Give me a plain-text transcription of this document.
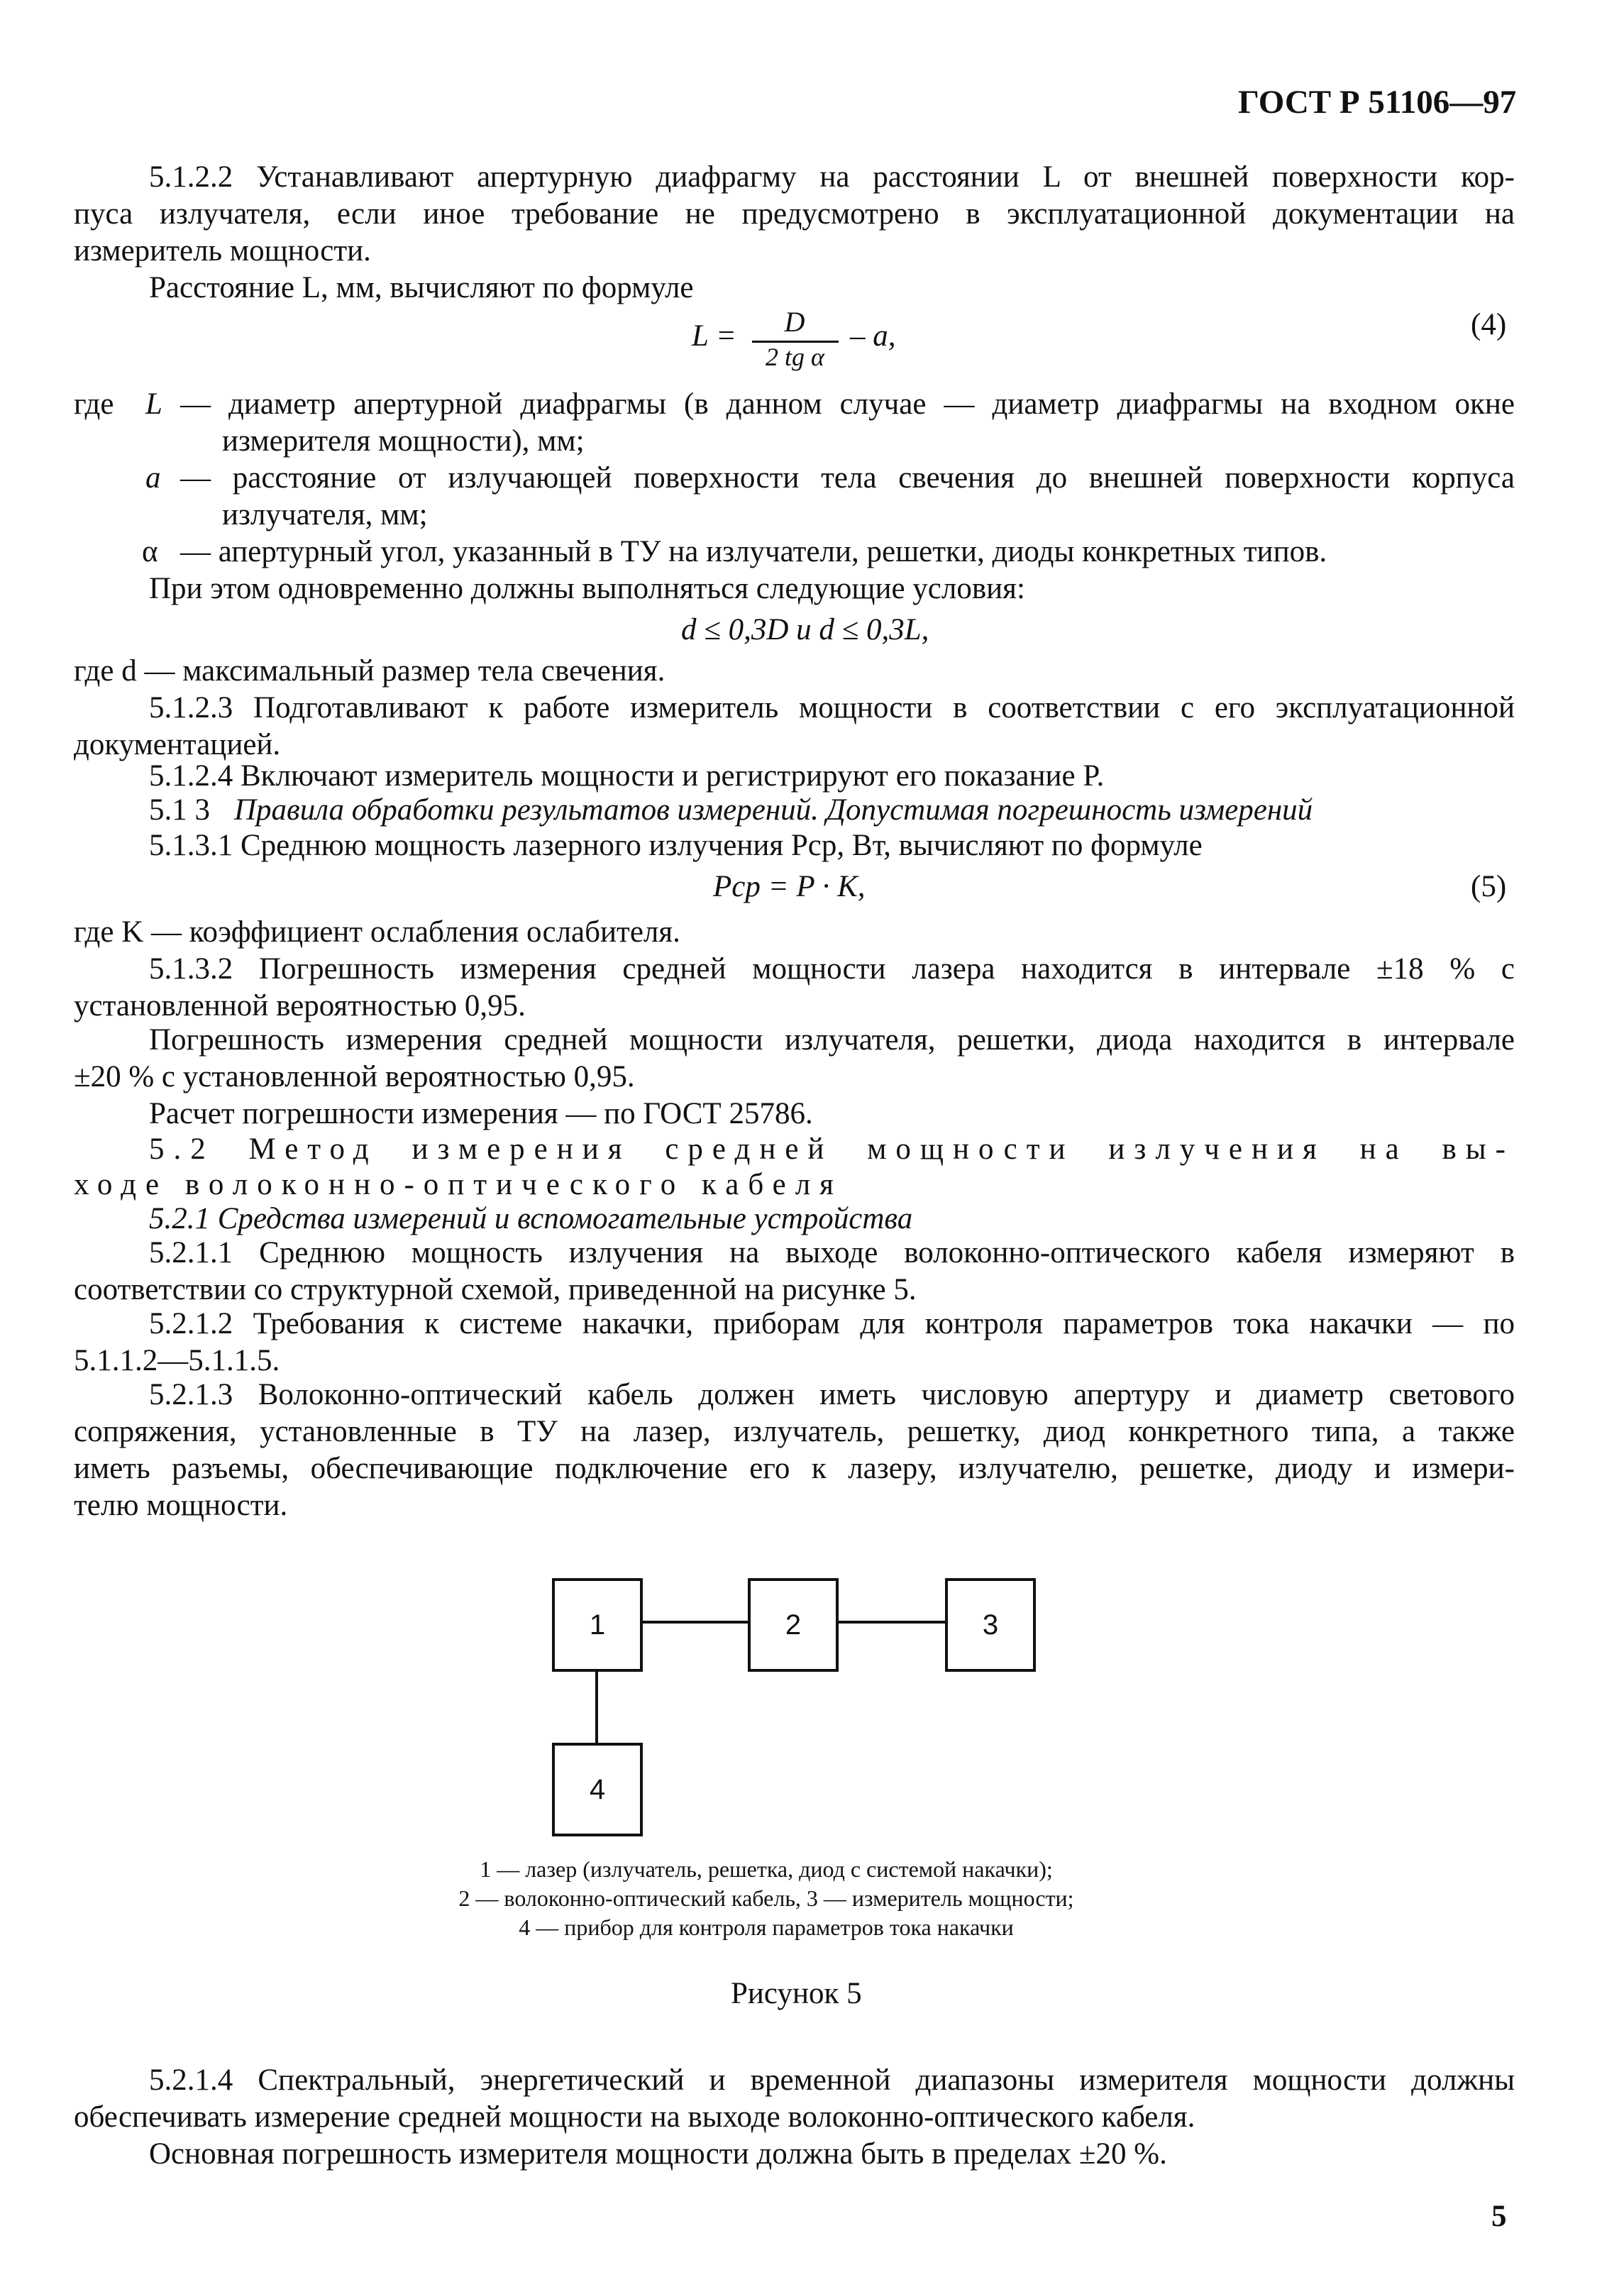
ГОСТ Р 51106—97
5.1.2.2 Устанавливают апертурную диафрагму на расстоянии L от внешней поверхности кор-
пуса излучателя, если иное требование не предусмотрено в эксплуатационной документации на
измеритель мощности.
Расстояние L, мм, вычисляют по формуле
L =	D
2 tg α
– a,	(4)
где L — диаметр апертурной диафрагмы (в данном случае — диаметр диафрагмы на входном окне
измерителя мощности), мм;
a — расстояние от излучающей поверхности тела свечения до внешней поверхности корпуса
излучателя, мм;
α — апертурный угол, указанный в ТУ на излучатели, решетки, диоды конкретных типов.
При этом одновременно должны выполняться следующие условия:
d ≤ 0,3D и d ≤ 0,3L,
где d — максимальный размер тела свечения.
5.1.2.3 Подготавливают к работе измеритель мощности в соответствии с его эксплуатационной
документацией.
5.1.2.4 Включают измеритель мощности и регистрируют его показание P.
5.1 3 Правила обработки результатов измерений. Допустимая погрешность измерений
5.1.3.1 Среднюю мощность лазерного излучения Pср, Вт, вычисляют по формуле
Pср = P · K,	(5)
где K — коэффициент ослабления ослабителя.
5.1.3.2 Погрешность измерения средней мощности лазера находится в интервале ±18 % с
установленной вероятностью 0,95.
Погрешность измерения средней мощности излучателя, решетки, диода находится в интервале
±20 % с установленной вероятностью 0,95.
Расчет погрешности измерения — по ГОСТ 25786.
5.2 Метод измерения средней мощности излучения на вы-
ходе волоконно-оптического кабеля
5.2.1 Средства измерений и вспомогательные устройства
5.2.1.1 Среднюю мощность излучения на выходе волоконно-оптического кабеля измеряют в
соответствии со структурной схемой, приведенной на рисунке 5.
5.2.1.2 Требования к системе накачки, приборам для контроля параметров тока накачки — по
5.1.1.2—5.1.1.5.
5.2.1.3 Волоконно-оптический кабель должен иметь числовую апертуру и диаметр светового
сопряжения, установленные в ТУ на лазер, излучатель, решетку, диод конкретного типа, а также
иметь разъемы, обеспечивающие подключение его к лазеру, излучателю, решетке, диоду и измери-
телю мощности.
1	2	3
4
1 — лазер (излучатель, решетка, диод с системой накачки);
2 — волоконно-оптический кабель, 3 — измеритель мощности;
4 — прибор для контроля параметров тока накачки
Рисунок 5
5.2.1.4 Спектральный, энергетический и временной диапазоны измерителя мощности должны
обеспечивать измерение средней мощности на выходе волоконно-оптического кабеля.
Основная погрешность измерителя мощности должна быть в пределах ±20 %.
5
